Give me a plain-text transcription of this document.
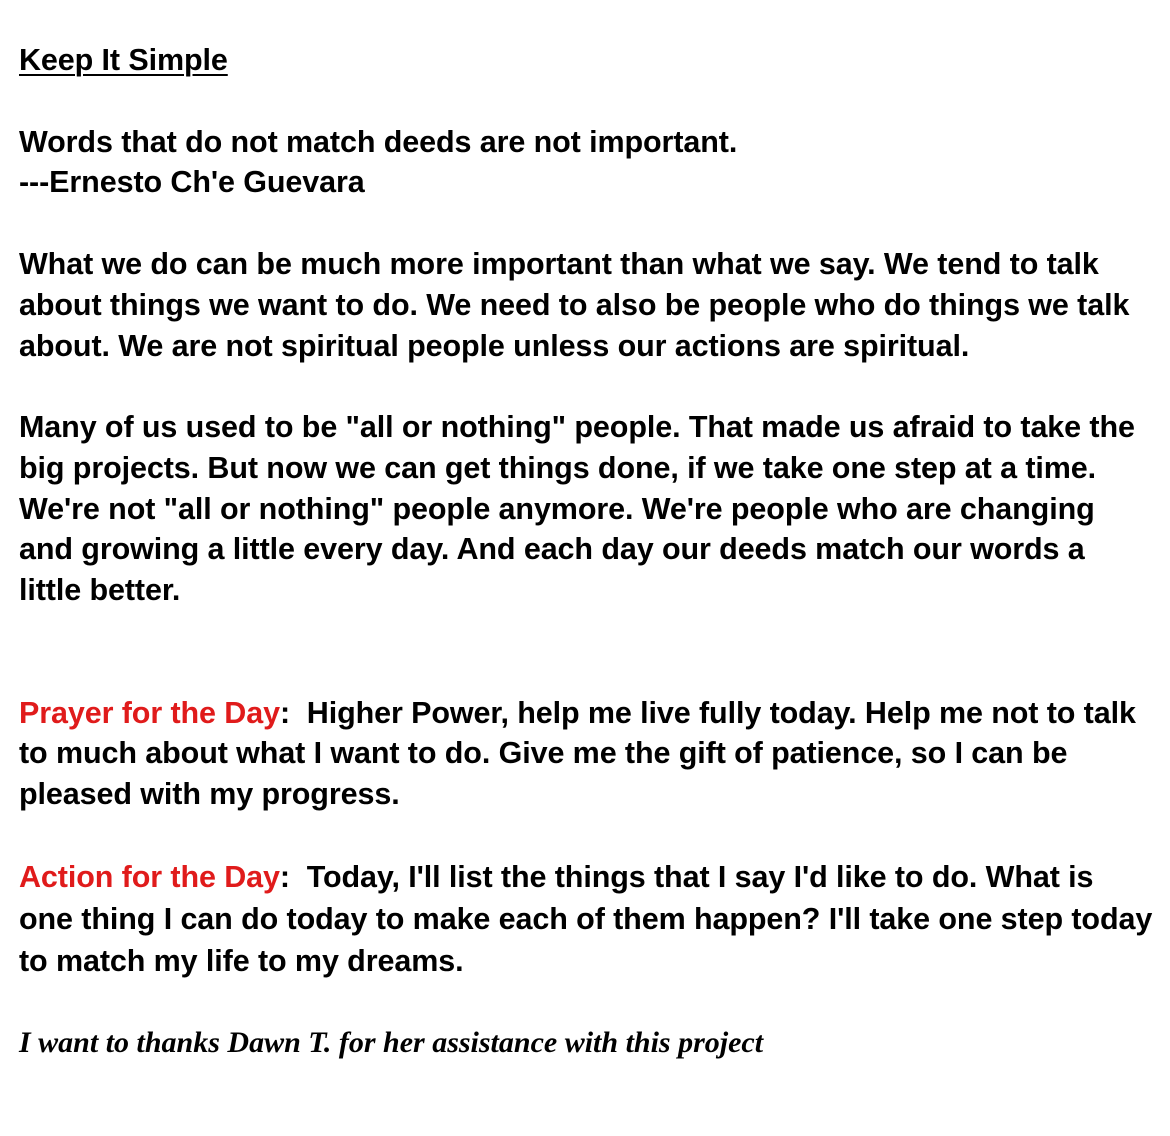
Keep It Simple

Words that do not match deeds are not important.

---Ernesto Ch'e Guevara

What we do can be much more important than what we say. We tend to talk about things we want to do. We need to also be people who do things we talk about. We are not spiritual people unless our actions are spiritual.

Many of us used to be "all or nothing" people. That made us afraid to take the big projects. But now we can get things done, if we take one step at a time. We're not "all or nothing" people anymore. We're people who are changing and growing a little every day. And each day our deeds match our words a little better.

Prayer for the Day:  Higher Power, help me live fully today. Help me not to talk to much about what I want to do. Give me the gift of patience, so I can be pleased with my progress.

Action for the Day:  Today, I'll list the things that I say I'd like to do. What is one thing I can do today to make each of them happen? I'll take one step today to match my life to my dreams.

I want to thanks Dawn T. for her assistance with this project
